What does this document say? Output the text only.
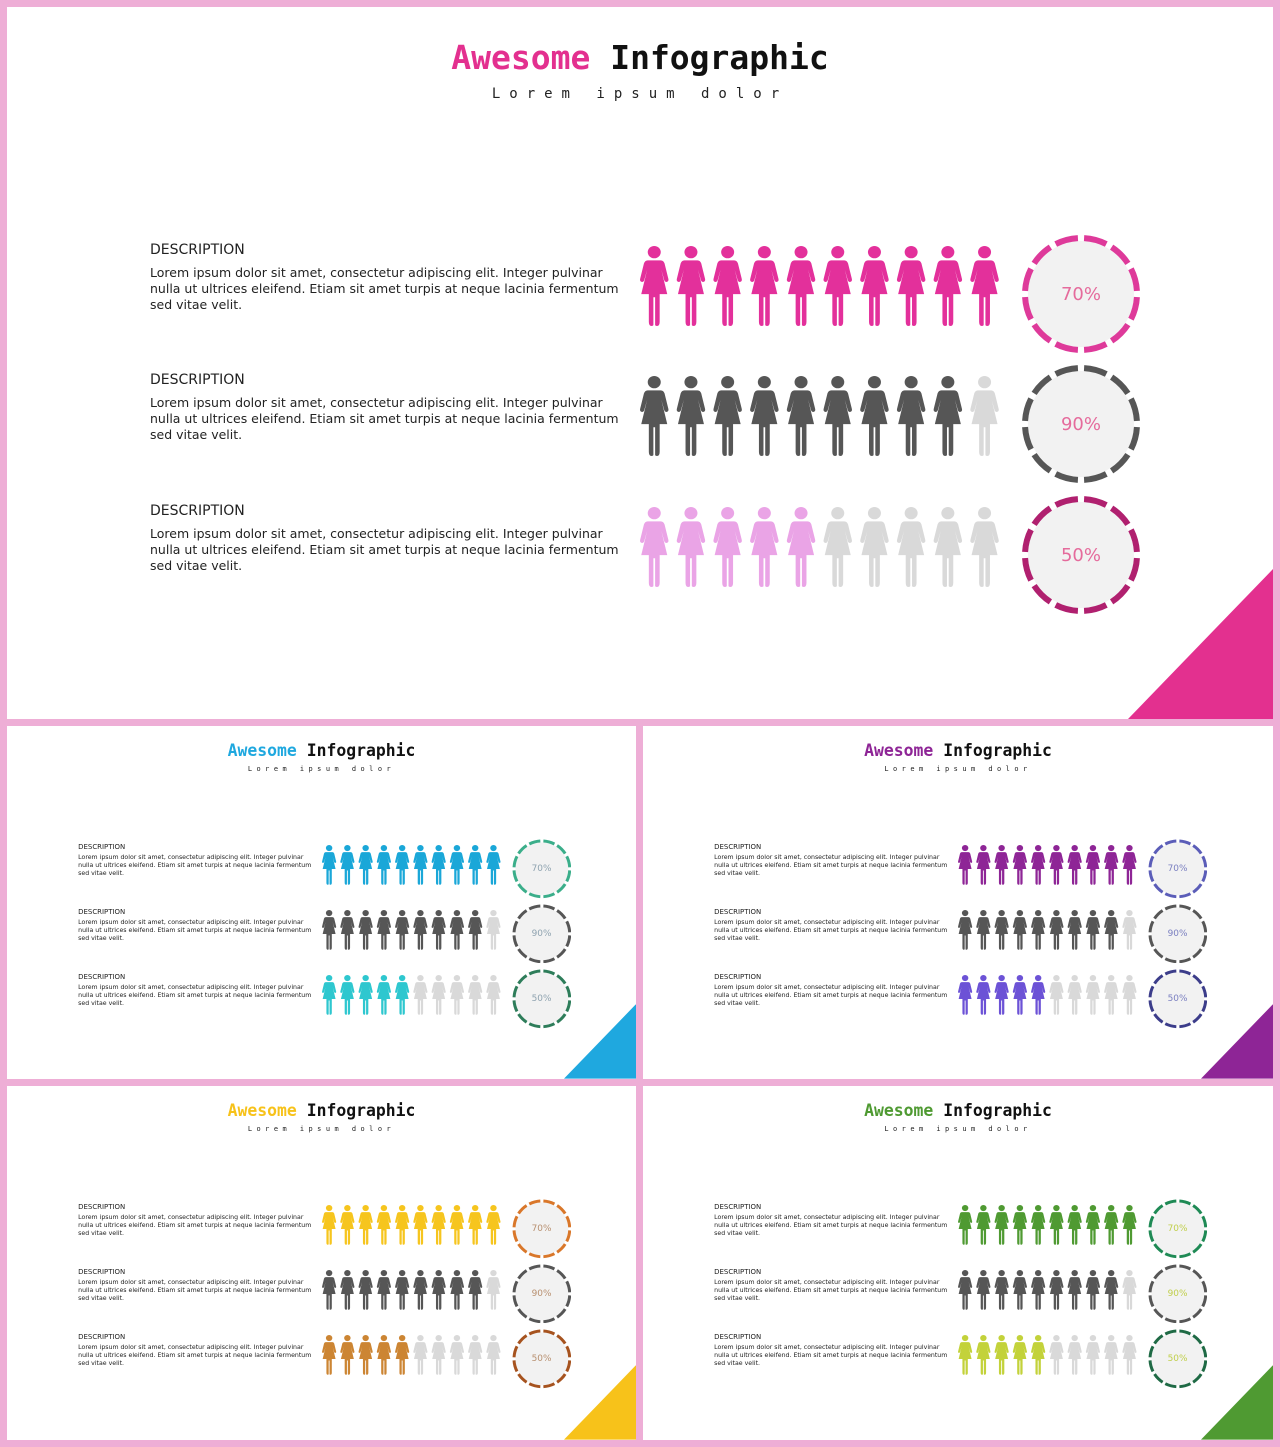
Awesome Infographic
Lorem ipsum dolor
DESCRIPTION
Lorem ipsum dolor sit amet, consectetur adipiscing elit. Integer pulvinar nulla ut ultrices eleifend. Etiam sit amet turpis at neque lacinia fermentum sed vitae velit.	70%
DESCRIPTION
Lorem ipsum dolor sit amet, consectetur adipiscing elit. Integer pulvinar nulla ut ultrices eleifend. Etiam sit amet turpis at neque lacinia fermentum sed vitae velit.	90%
DESCRIPTION
Lorem ipsum dolor sit amet, consectetur adipiscing elit. Integer pulvinar nulla ut ultrices eleifend. Etiam sit amet turpis at neque lacinia fermentum sed vitae velit.	50%
Awesome Infographic
Lorem ipsum dolor
DESCRIPTION
Lorem ipsum dolor sit amet, consectetur adipiscing elit. Integer pulvinar nulla ut ultrices eleifend. Etiam sit amet turpis at neque lacinia fermentum sed vitae velit.	70%
DESCRIPTION
Lorem ipsum dolor sit amet, consectetur adipiscing elit. Integer pulvinar nulla ut ultrices eleifend. Etiam sit amet turpis at neque lacinia fermentum sed vitae velit.	90%
DESCRIPTION
Lorem ipsum dolor sit amet, consectetur adipiscing elit. Integer pulvinar nulla ut ultrices eleifend. Etiam sit amet turpis at neque lacinia fermentum sed vitae velit.	50%
Awesome Infographic
Lorem ipsum dolor
DESCRIPTION
Lorem ipsum dolor sit amet, consectetur adipiscing elit. Integer pulvinar nulla ut ultrices eleifend. Etiam sit amet turpis at neque lacinia fermentum sed vitae velit.	70%
DESCRIPTION
Lorem ipsum dolor sit amet, consectetur adipiscing elit. Integer pulvinar nulla ut ultrices eleifend. Etiam sit amet turpis at neque lacinia fermentum sed vitae velit.	90%
DESCRIPTION
Lorem ipsum dolor sit amet, consectetur adipiscing elit. Integer pulvinar nulla ut ultrices eleifend. Etiam sit amet turpis at neque lacinia fermentum sed vitae velit.	50%
Awesome Infographic
Lorem ipsum dolor
DESCRIPTION
Lorem ipsum dolor sit amet, consectetur adipiscing elit. Integer pulvinar nulla ut ultrices eleifend. Etiam sit amet turpis at neque lacinia fermentum sed vitae velit.	70%
DESCRIPTION
Lorem ipsum dolor sit amet, consectetur adipiscing elit. Integer pulvinar nulla ut ultrices eleifend. Etiam sit amet turpis at neque lacinia fermentum sed vitae velit.	90%
DESCRIPTION
Lorem ipsum dolor sit amet, consectetur adipiscing elit. Integer pulvinar nulla ut ultrices eleifend. Etiam sit amet turpis at neque lacinia fermentum sed vitae velit.	50%
Awesome Infographic
Lorem ipsum dolor
DESCRIPTION
Lorem ipsum dolor sit amet, consectetur adipiscing elit. Integer pulvinar nulla ut ultrices eleifend. Etiam sit amet turpis at neque lacinia fermentum sed vitae velit.	70%
DESCRIPTION
Lorem ipsum dolor sit amet, consectetur adipiscing elit. Integer pulvinar nulla ut ultrices eleifend. Etiam sit amet turpis at neque lacinia fermentum sed vitae velit.	90%
DESCRIPTION
Lorem ipsum dolor sit amet, consectetur adipiscing elit. Integer pulvinar nulla ut ultrices eleifend. Etiam sit amet turpis at neque lacinia fermentum sed vitae velit.	50%
